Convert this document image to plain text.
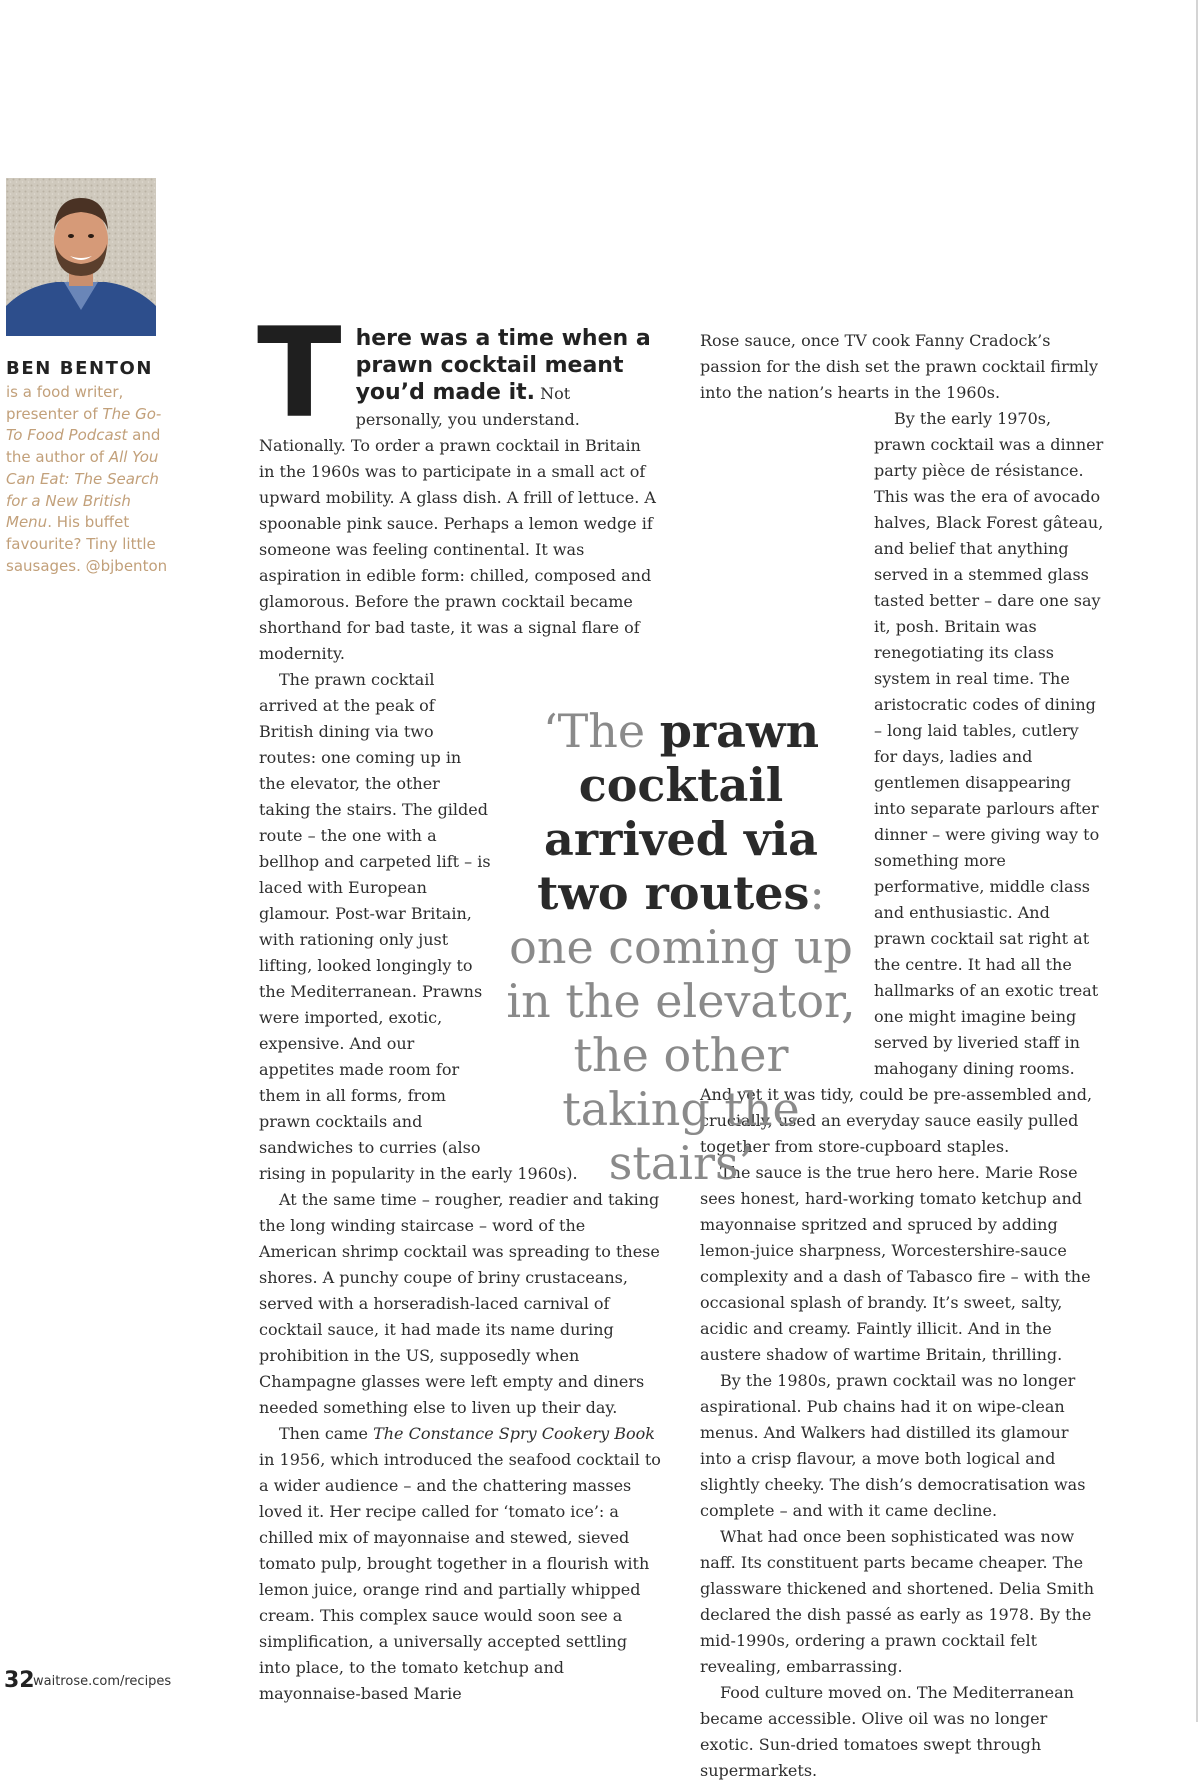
BEN BENTON

is a food writer, presenter of The Go-To Food Podcast and the author of All You Can Eat: The Search for a New British Menu. His buffet favourite? Tiny little sausages. @bjbenton

There was a time when a prawn cocktail meant you’d made it. Not personally, you understand. Nationally. To order a prawn cocktail in Britain in the 1960s was to participate in a small act of upward mobility. A glass dish. A frill of lettuce. A spoonable pink sauce. Perhaps a lemon wedge if someone was feeling continental. It was aspiration in edible form: chilled, composed and glamorous. Before the prawn cocktail became shorthand for bad taste, it was a signal flare of modernity.

The prawn cocktail arrived at the peak of British dining via two routes: one coming up in the elevator, the other taking the stairs. The gilded route – the one with a bellhop and carpeted lift – is laced with European glamour. Post-war Britain, with rationing only just lifting, looked longingly to the Mediterranean. Prawns were imported, exotic, expensive. And our appetites made room for them in all forms, from prawn cocktails and sandwiches to curries (also rising in popularity in the early 1960s).

At the same time – rougher, readier and taking the long winding staircase – word of the American shrimp cocktail was spreading to these shores. A punchy coupe of briny crustaceans, served with a horseradish-laced carnival of cocktail sauce, it had made its name during prohibition in the US, supposedly when Champagne glasses were left empty and diners needed something else to liven up their day.

Then came The Constance Spry Cookery Book in 1956, which introduced the seafood cocktail to a wider audience – and the chattering masses loved it. Her recipe called for ‘tomato ice’: a chilled mix of mayonnaise and stewed, sieved tomato pulp, brought together in a flourish with lemon juice, orange rind and partially whipped cream. This complex sauce would soon see a simplification, a universally accepted settling into place, to the tomato ketchup and mayonnaise-based Marie

Rose sauce, once TV cook Fanny Cradock’s passion for the dish set the prawn cocktail firmly into the nation’s hearts in the 1960s.

By the early 1970s, prawn cocktail was a dinner party pièce de résistance. This was the era of avocado halves, Black Forest gâteau, and belief that anything served in a stemmed glass tasted better – dare one say it, posh. Britain was renegotiating its class system in real time. The aristocratic codes of dining – long laid tables, cutlery for days, ladies and gentlemen disappearing into separate parlours after dinner – were giving way to something more performative, middle class and enthusiastic. And prawn cocktail sat right at the centre. It had all the hallmarks of an exotic treat one might imagine being served by liveried staff in mahogany dining rooms. And yet it was tidy, could be pre-assembled and, crucially, used an everyday sauce easily pulled together from store-cupboard staples.

The sauce is the true hero here. Marie Rose sees honest, hard-working tomato ketchup and mayonnaise spritzed and spruced by adding lemon-juice sharpness, Worcestershire-sauce complexity and a dash of Tabasco fire – with the occasional splash of brandy. It’s sweet, salty, acidic and creamy. Faintly illicit. And in the austere shadow of wartime Britain, thrilling.

By the 1980s, prawn cocktail was no longer aspirational. Pub chains had it on wipe-clean menus. And Walkers had distilled its glamour into a crisp flavour, a move both logical and slightly cheeky. The dish’s democratisation was complete – and with it came decline.

What had once been sophisticated was now naff. Its constituent parts became cheaper. The glassware thickened and shortened. Delia Smith declared the dish passé as early as 1978. By the mid-1990s, ordering a prawn cocktail felt revealing, embarrassing.

Food culture moved on. The Mediterranean became accessible. Olive oil was no longer exotic. Sun-dried tomatoes swept through supermarkets.

‘The prawn cocktail arrived via two routes: one coming up in the elevator, the other taking the stairs’

32
waitrose.com/recipes
